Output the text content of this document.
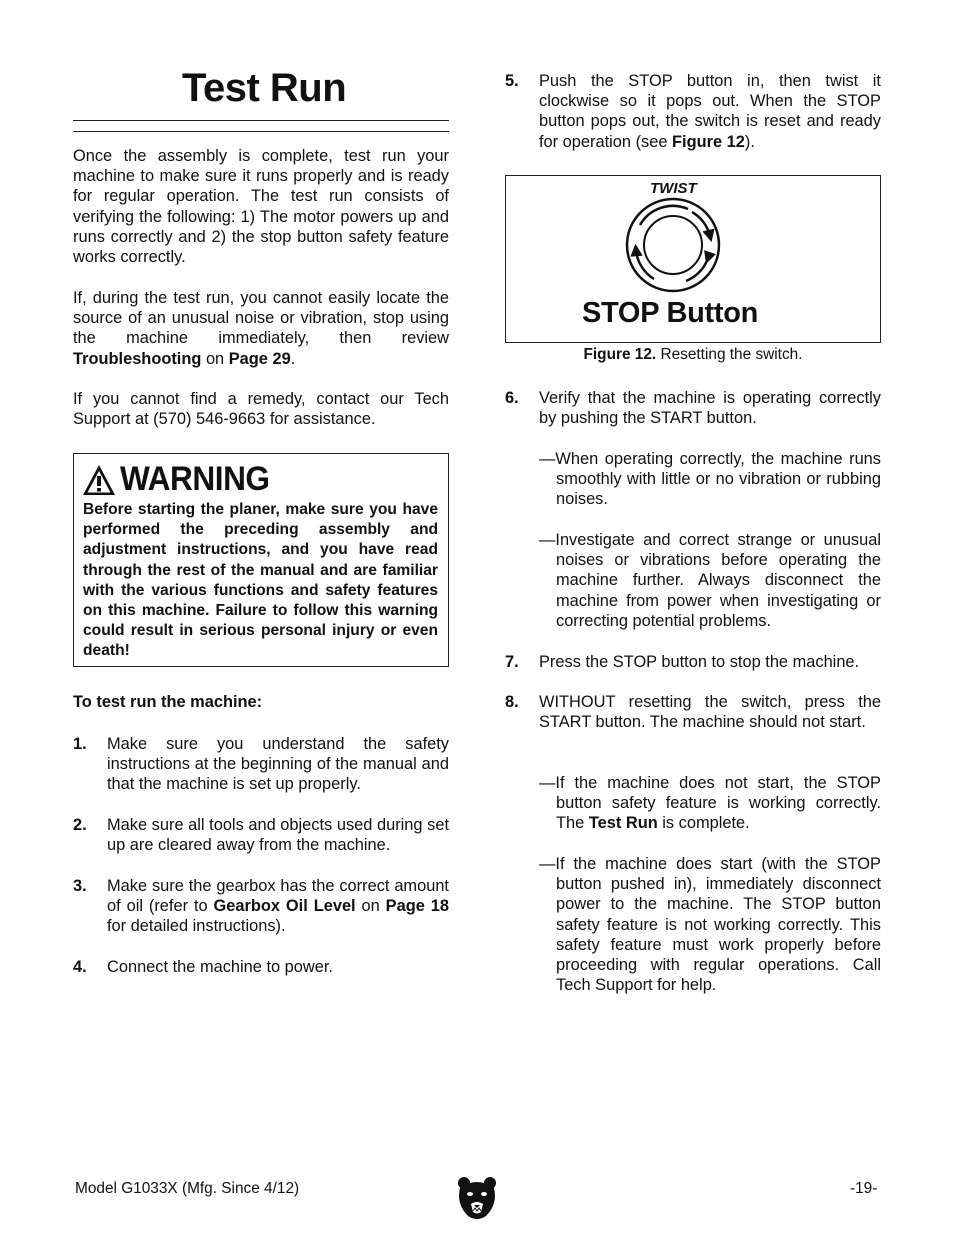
Test Run
Once the assembly is complete, test run your machine to make sure it runs properly and is ready for regular operation. The test run consists of verifying the following: 1) The motor powers up and runs correctly and 2) the stop button safety feature works correctly.
If, during the test run, you cannot easily locate the source of an unusual noise or vibration, stop using the machine immediately, then review Troubleshooting on Page 29.
If you cannot find a remedy, contact our Tech Support at (570) 546-9663 for assistance.
WARNING
Before starting the planer, make sure you have performed the preceding assembly and adjustment instructions, and you have read through the rest of the manual and are familiar with the various functions and safety features on this machine. Failure to follow this warning could result in serious personal injury or even death!
To test run the machine:
1. Make sure you understand the safety instructions at the beginning of the manual and that the machine is set up properly.
2. Make sure all tools and objects used during set up are cleared away from the machine.
3. Make sure the gearbox has the correct amount of oil (refer to Gearbox Oil Level on Page 18 for detailed instructions).
4. Connect the machine to power.
5. Push the STOP button in, then twist it clockwise so it pops out. When the STOP button pops out, the switch is reset and ready for operation (see Figure 12).
TWIST
STOP Button
Figure 12. Resetting the switch.
6. Verify that the machine is operating correctly by pushing the START button.
—When operating correctly, the machine runs smoothly with little or no vibration or rubbing noises.
—Investigate and correct strange or unusual noises or vibrations before operating the machine further. Always disconnect the machine from power when investigating or correcting potential problems.
7. Press the STOP button to stop the machine.
8. WITHOUT resetting the switch, press the START button. The machine should not start.
—If the machine does not start, the STOP button safety feature is working correctly. The Test Run is complete.
—If the machine does start (with the STOP button pushed in), immediately disconnect power to the machine. The STOP button safety feature is not working correctly. This safety feature must work properly before proceeding with regular operations. Call Tech Support for help.
Model G1033X (Mfg. Since 4/12)	-19-
